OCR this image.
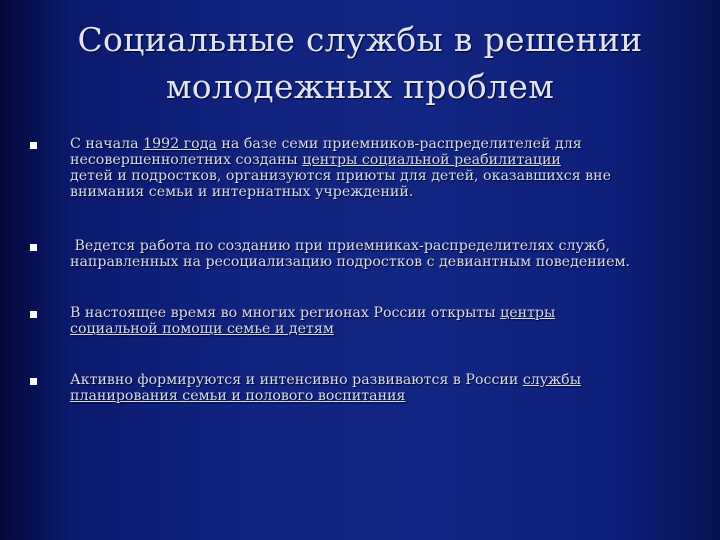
Социальные службы в решении
молодежных проблем
С начала 1992 года на базе семи приемников-распределителей для
несовершеннолетних созданы центры социальной реабилитации
детей и подростков, организуются приюты для детей, оказавшихся вне
внимания семьи и интернатных учреждений.
Ведется работа по созданию при приемниках-распределителях служб,
направленных на ресоциализацию подростков с девиантным поведением.
В настоящее время во многих регионах России открыты центры
социальной помощи семье и детям
Активно формируются и интенсивно развиваются в России службы
планирования семьи и полового воспитания
